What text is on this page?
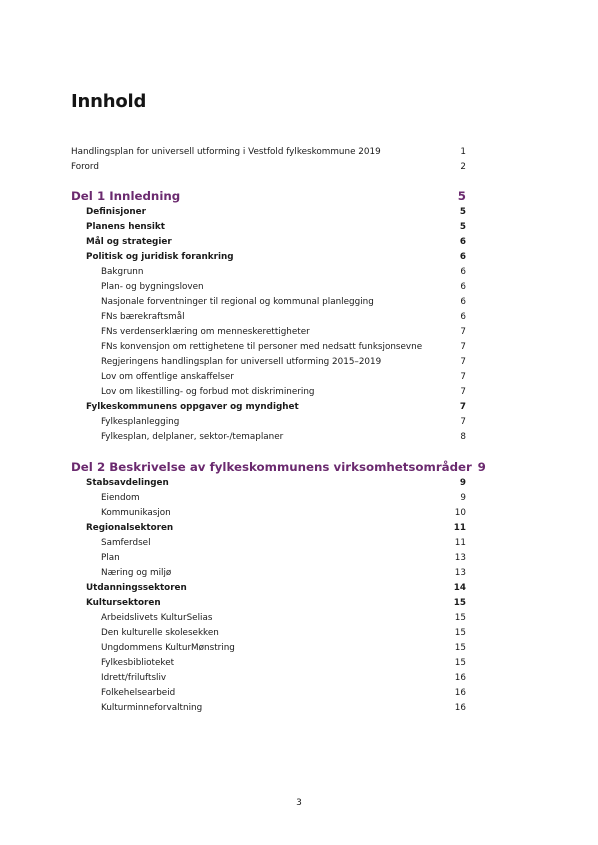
Innhold
Handlingsplan for universell utforming i Vestfold fylkeskommune 2019	1
Forord	2
Del 1 Innledning	5
Definisjoner	5
Planens hensikt	5
Mål og strategier	6
Politisk og juridisk forankring	6
Bakgrunn	6
Plan- og bygningsloven	6
Nasjonale forventninger til regional og kommunal planlegging	6
FNs bærekraftsmål	6
FNs verdenserklæring om menneskerettigheter	7
FNs konvensjon om rettighetene til personer med nedsatt funksjonsevne	7
Regjeringens handlingsplan for universell utforming 2015–2019	7
Lov om offentlige anskaffelser	7
Lov om likestilling- og forbud mot diskriminering	7
Fylkeskommunens oppgaver og myndighet	7
Fylkesplanlegging	7
Fylkesplan, delplaner, sektor-/temaplaner	8
Del 2 Beskrivelse av fylkeskommunens virksomhetsområder 9
Stabsavdelingen	9
Eiendom	9
Kommunikasjon	10
Regionalsektoren	11
Samferdsel	11
Plan	13
Næring og miljø	13
Utdanningssektoren	14
Kultursektoren	15
Arbeidslivets KulturSelias	15
Den kulturelle skolesekken	15
Ungdommens KulturMønstring	15
Fylkesbiblioteket	15
Idrett/friluftsliv	16
Folkehelsearbeid	16
Kulturminneforvaltning	16
3
